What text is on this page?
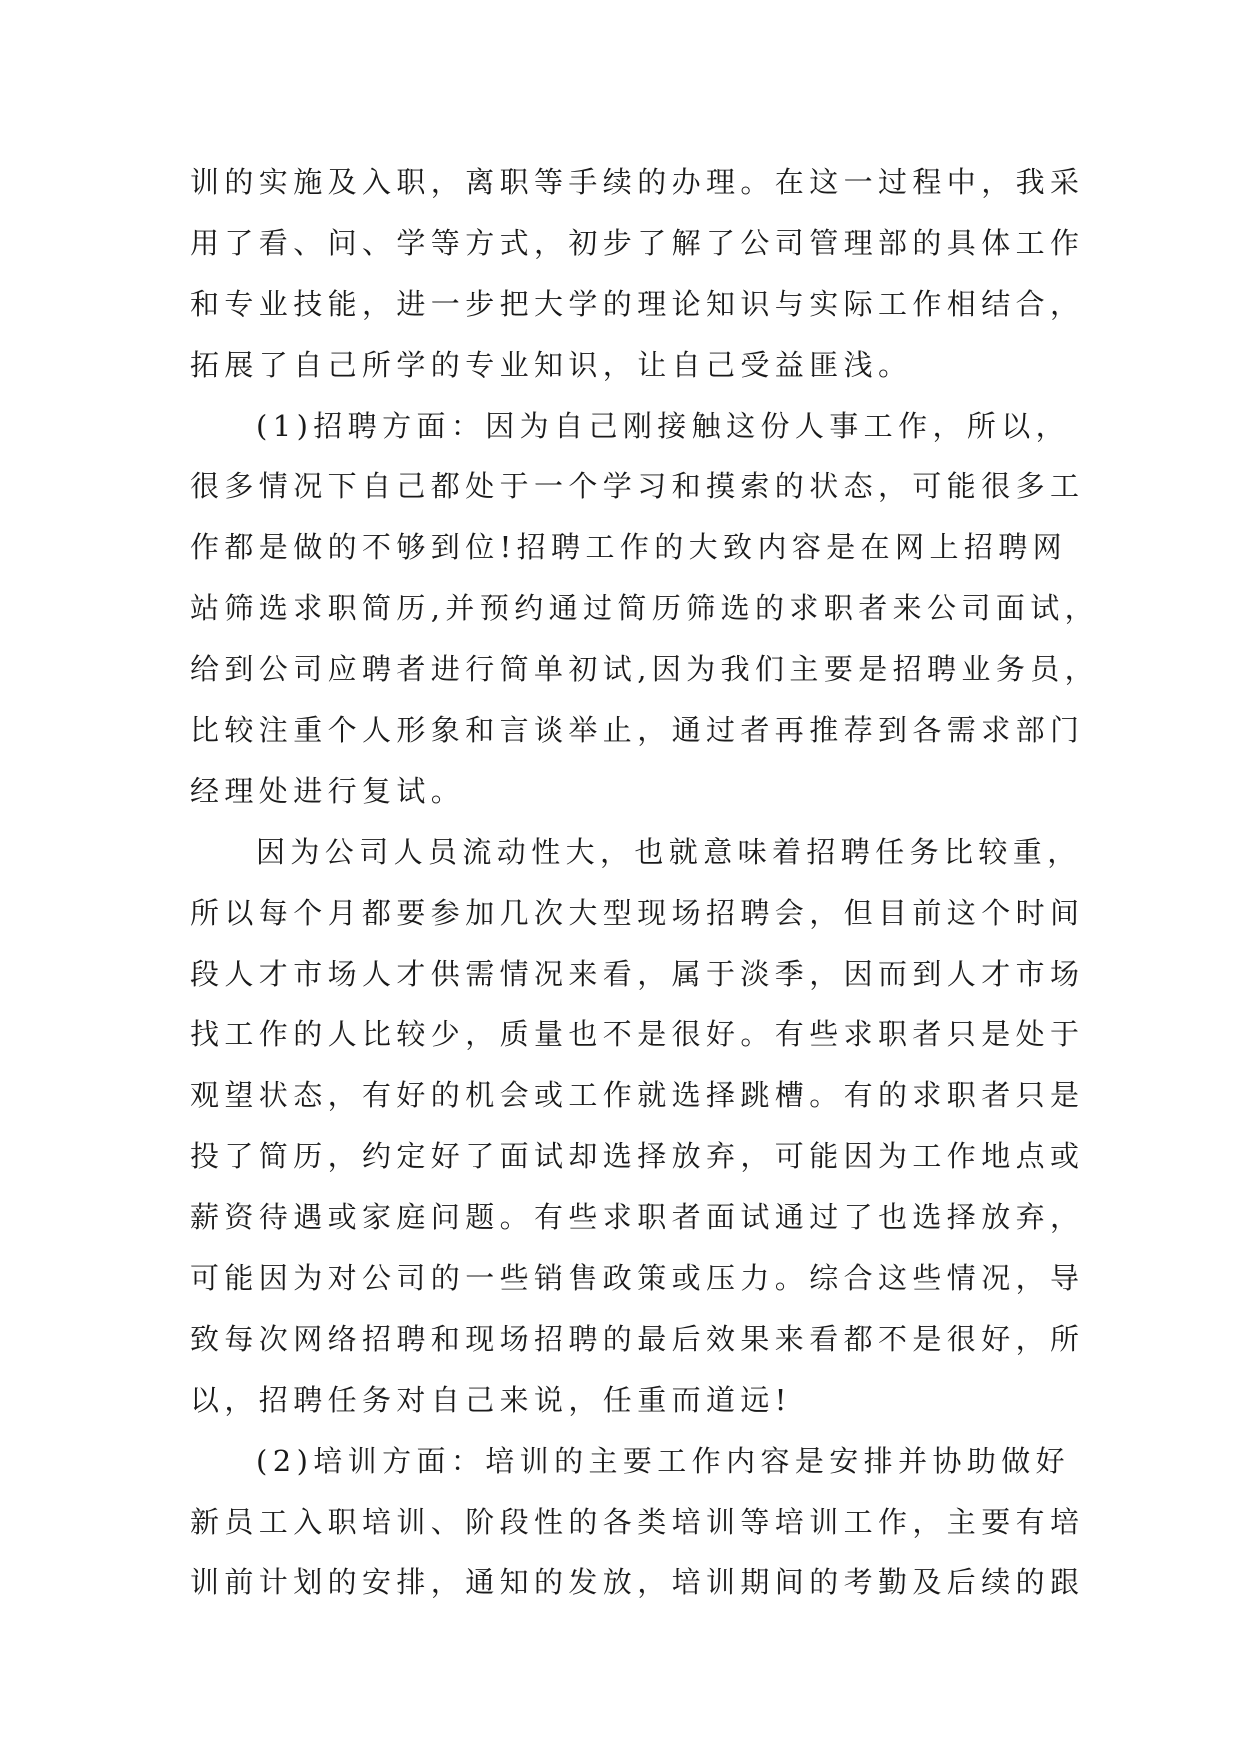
训的实施及入职，离职等手续的办理。在这一过程中，我采
用了看、问、学等方式，初步了解了公司管理部的具体工作
和专业技能，进一步把大学的理论知识与实际工作相结合，
拓展了自己所学的专业知识，让自己受益匪浅。
(1)招聘方面：因为自己刚接触这份人事工作，所以，
很多情况下自己都处于一个学习和摸索的状态，可能很多工
作都是做的不够到位!招聘工作的大致内容是在网上招聘网
站筛选求职简历,并预约通过简历筛选的求职者来公司面试，
给到公司应聘者进行简单初试,因为我们主要是招聘业务员，
比较注重个人形象和言谈举止，通过者再推荐到各需求部门
经理处进行复试。
因为公司人员流动性大，也就意味着招聘任务比较重，
所以每个月都要参加几次大型现场招聘会，但目前这个时间
段人才市场人才供需情况来看，属于淡季，因而到人才市场
找工作的人比较少，质量也不是很好。有些求职者只是处于
观望状态，有好的机会或工作就选择跳槽。有的求职者只是
投了简历，约定好了面试却选择放弃，可能因为工作地点或
薪资待遇或家庭问题。有些求职者面试通过了也选择放弃，
可能因为对公司的一些销售政策或压力。综合这些情况，导
致每次网络招聘和现场招聘的最后效果来看都不是很好，所
以，招聘任务对自己来说，任重而道远!
(2)培训方面：培训的主要工作内容是安排并协助做好
新员工入职培训、阶段性的各类培训等培训工作，主要有培
训前计划的安排，通知的发放，培训期间的考勤及后续的跟
